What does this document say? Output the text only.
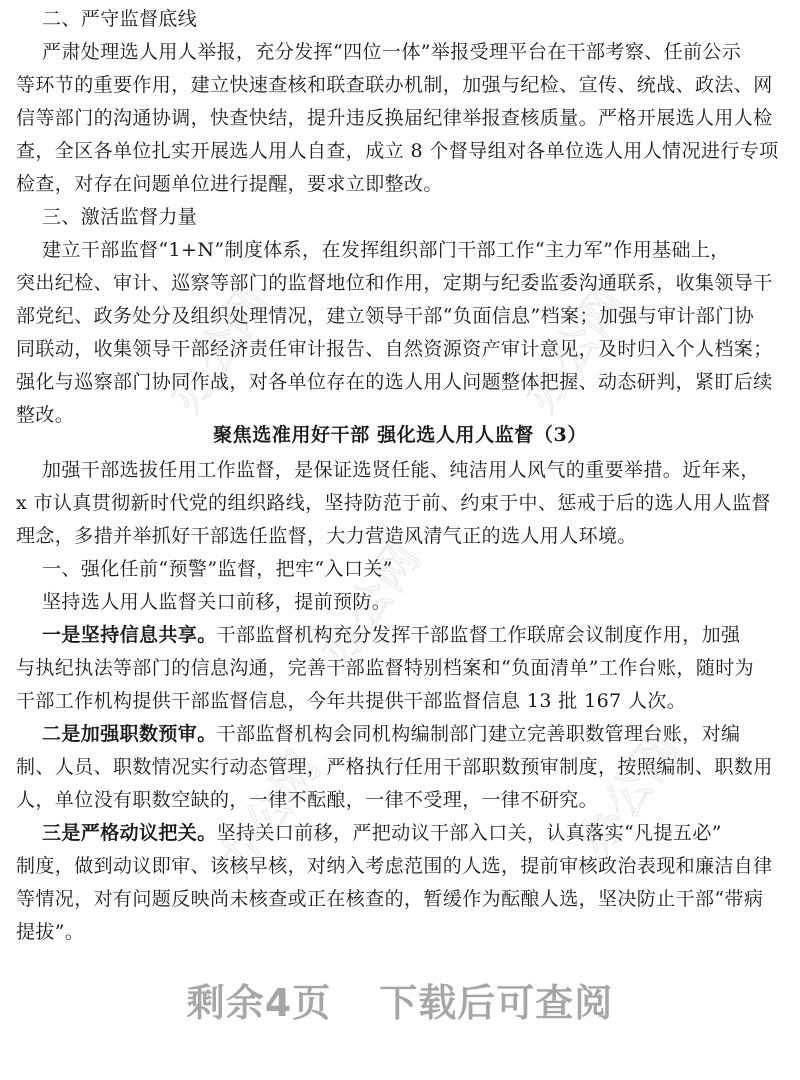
办公网	办公网
办公网
办公网	办公网
二、严守监督底线
严肃处理选人用人举报，充分发挥“四位一体”举报受理平台在干部考察、任前公示
等环节的重要作用，建立快速查核和联查联办机制，加强与纪检、宣传、统战、政法、网
信等部门的沟通协调，快查快结，提升违反换届纪律举报查核质量。严格开展选人用人检
查，全区各单位扎实开展选人用人自查，成立 8 个督导组对各单位选人用人情况进行专项
检查，对存在问题单位进行提醒，要求立即整改。
三、激活监督力量
建立干部监督“1+N”制度体系，在发挥组织部门干部工作“主力军”作用基础上，
突出纪检、审计、巡察等部门的监督地位和作用，定期与纪委监委沟通联系，收集领导干
部党纪、政务处分及组织处理情况，建立领导干部“负面信息”档案；加强与审计部门协
同联动，收集领导干部经济责任审计报告、自然资源资产审计意见，及时归入个人档案；
强化与巡察部门协同作战，对各单位存在的选人用人问题整体把握、动态研判，紧盯后续
整改。
聚焦选准用好干部 强化选人用人监督（3）
加强干部选拔任用工作监督，是保证选贤任能、纯洁用人风气的重要举措。近年来，
x 市认真贯彻新时代党的组织路线，坚持防范于前、约束于中、惩戒于后的选人用人监督
理念，多措并举抓好干部选任监督，大力营造风清气正的选人用人环境。
一、强化任前“预警”监督，把牢“入口关”
坚持选人用人监督关口前移，提前预防。
一是坚持信息共享。干部监督机构充分发挥干部监督工作联席会议制度作用，加强
与执纪执法等部门的信息沟通，完善干部监督特别档案和“负面清单”工作台账，随时为
干部工作机构提供干部监督信息，今年共提供干部监督信息 13 批 167 人次。
二是加强职数预审。干部监督机构会同机构编制部门建立完善职数管理台账，对编
制、人员、职数情况实行动态管理，严格执行任用干部职数预审制度，按照编制、职数用
人，单位没有职数空缺的，一律不酝酿，一律不受理，一律不研究。
三是严格动议把关。坚持关口前移，严把动议干部入口关，认真落实“凡提五必”
制度，做到动议即审、该核早核，对纳入考虑范围的人选，提前审核政治表现和廉洁自律
等情况，对有问题反映尚未核查或正在核查的，暂缓作为酝酿人选，坚决防止干部“带病
提拔”。
剩余4页 下载后可查阅
